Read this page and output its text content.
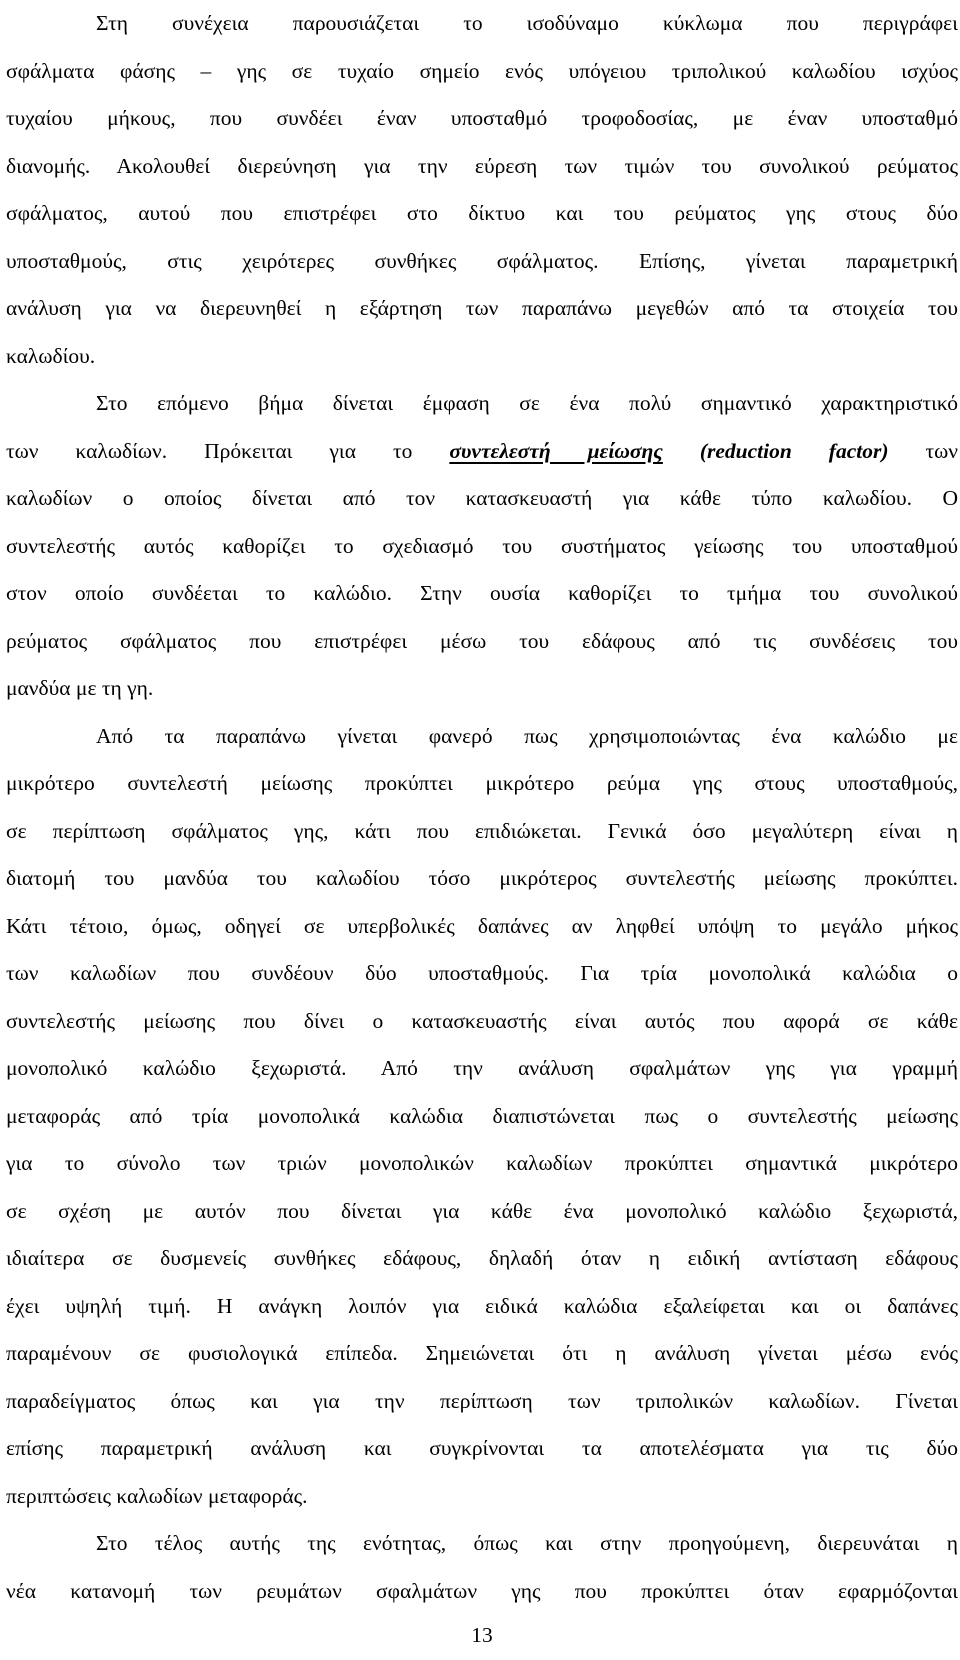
Στη συνέχεια παρουσιάζεται το ισοδύναμο κύκλωμα που περιγράφει
σφάλματα φάσης – γης σε τυχαίο σημείο ενός υπόγειου τριπολικού καλωδίου ισχύος
τυχαίου μήκους, που συνδέει έναν υποσταθμό τροφοδοσίας, με έναν υποσταθμό
διανομής. Ακολουθεί διερεύνηση για την εύρεση των τιμών του συνολικού ρεύματος
σφάλματος, αυτού που επιστρέφει στο δίκτυο και του ρεύματος γης στους δύο
υποσταθμούς, στις χειρότερες συνθήκες σφάλματος. Επίσης, γίνεται παραμετρική
ανάλυση για να διερευνηθεί η εξάρτηση των παραπάνω μεγεθών από τα στοιχεία του
καλωδίου.
Στο επόμενο βήμα δίνεται έμφαση σε ένα πολύ σημαντικό χαρακτηριστικό
των καλωδίων. Πρόκειται για το συντελεστή μείωσης (reduction factor) των
καλωδίων ο οποίος δίνεται από τον κατασκευαστή για κάθε τύπο καλωδίου. Ο
συντελεστής αυτός καθορίζει το σχεδιασμό του συστήματος γείωσης του υποσταθμού
στον οποίο συνδέεται το καλώδιο. Στην ουσία καθορίζει το τμήμα του συνολικού
ρεύματος σφάλματος που επιστρέφει μέσω του εδάφους από τις συνδέσεις του
μανδύα με τη γη.
Από τα παραπάνω γίνεται φανερό πως χρησιμοποιώντας ένα καλώδιο με
μικρότερο συντελεστή μείωσης προκύπτει μικρότερο ρεύμα γης στους υποσταθμούς,
σε περίπτωση σφάλματος γης, κάτι που επιδιώκεται. Γενικά όσο μεγαλύτερη είναι η
διατομή του μανδύα του καλωδίου τόσο μικρότερος συντελεστής μείωσης προκύπτει.
Κάτι τέτοιο, όμως, οδηγεί σε υπερβολικές δαπάνες αν ληφθεί υπόψη το μεγάλο μήκος
των καλωδίων που συνδέουν δύο υποσταθμούς. Για τρία μονοπολικά καλώδια ο
συντελεστής μείωσης που δίνει ο κατασκευαστής είναι αυτός που αφορά σε κάθε
μονοπολικό καλώδιο ξεχωριστά. Από την ανάλυση σφαλμάτων γης για γραμμή
μεταφοράς από τρία μονοπολικά καλώδια διαπιστώνεται πως ο συντελεστής μείωσης
για το σύνολο των τριών μονοπολικών καλωδίων προκύπτει σημαντικά μικρότερο
σε σχέση με αυτόν που δίνεται για κάθε ένα μονοπολικό καλώδιο ξεχωριστά,
ιδιαίτερα σε δυσμενείς συνθήκες εδάφους, δηλαδή όταν η ειδική αντίσταση εδάφους
έχει υψηλή τιμή. Η ανάγκη λοιπόν για ειδικά καλώδια εξαλείφεται και οι δαπάνες
παραμένουν σε φυσιολογικά επίπεδα. Σημειώνεται ότι η ανάλυση γίνεται μέσω ενός
παραδείγματος όπως και για την περίπτωση των τριπολικών καλωδίων. Γίνεται
επίσης παραμετρική ανάλυση και συγκρίνονται τα αποτελέσματα για τις δύο
περιπτώσεις καλωδίων μεταφοράς.
Στο τέλος αυτής της ενότητας, όπως και στην προηγούμενη, διερευνάται η
νέα κατανομή των ρευμάτων σφαλμάτων γης που προκύπτει όταν εφαρμόζονται
13
